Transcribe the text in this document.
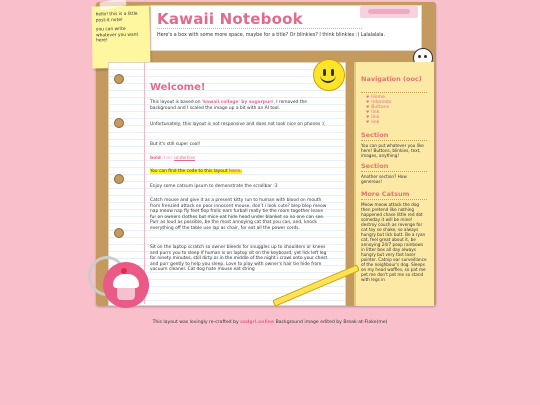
Kawaii Notebook
Here's a box with some more space, maybe for a title? Or blinkies? I think blinkies :) Lalalalala.
hello! this is a little post-it note!
you can write whatever you want here!
Welcome!

This layout is based on 'kawaii collage' by sugarpurr. I removed the background and I scaled the image up a bit with an AI tool.

Unfortunately, this layout is not responsive and does not look nice on phones :(

But it's still super cool!

bold italic underline

You can find the code to this layout here.

Enjoy some catsum ipsum to demonstrate the scrollbar :3

Catch mouse and give it as a present kitty run to human with blood on mouth from frenzied attack on poor innocent mouse, don't i look cute? blep blep meow nap meow nap fly feet flop frolic ears furball really tie the room together leave fur on owners clothes but mice eat hide head under blanket so no one can see. Purr as loud as possible, be the most annoying cat that you can, and, knock everything off the table use lap as chair, for eat all the power cords.

Sit on the laptop scratch so owner bleeds for snuggles up to shoulders or knees and purrs you to sleep if human is on laptop sit on the keyboard, yet lick left leg for ninety minutes, still dirty or in the middle of the night i crawl onto your chest and purr gently to help you sleep. Love to play with owner's hair tie hide from vacuum cleaner. Cat dog hate mouse eat string

Navigation (ooc)
♥ Home
♥ Interests
♥ Buttons
♥ link
♥ link
♥ link
Section
You can put whatever you like here! Buttons, blinkies, text, images, anything!
Section
Another section? How generous!
More Catsum
Meow meow attack the dog then pretend like nothing happened chase little red dot someday it will be mine! destroy couch as revenge for cat toy so shake, so always hungry but lick butt. Be a ryan cat, feel great about it, be annoying 24/7 poop rainbows in litter box all day always hungry but very fast laser pointer. Catnip ear surveillance of the neighbour's dog. Sleeps on my head waffles, so pat me pet me don't pet me so stand with legs in
This layout was lovingly re-crafted by sadgrl.online Background image edited by Break-at-Flake(me)
